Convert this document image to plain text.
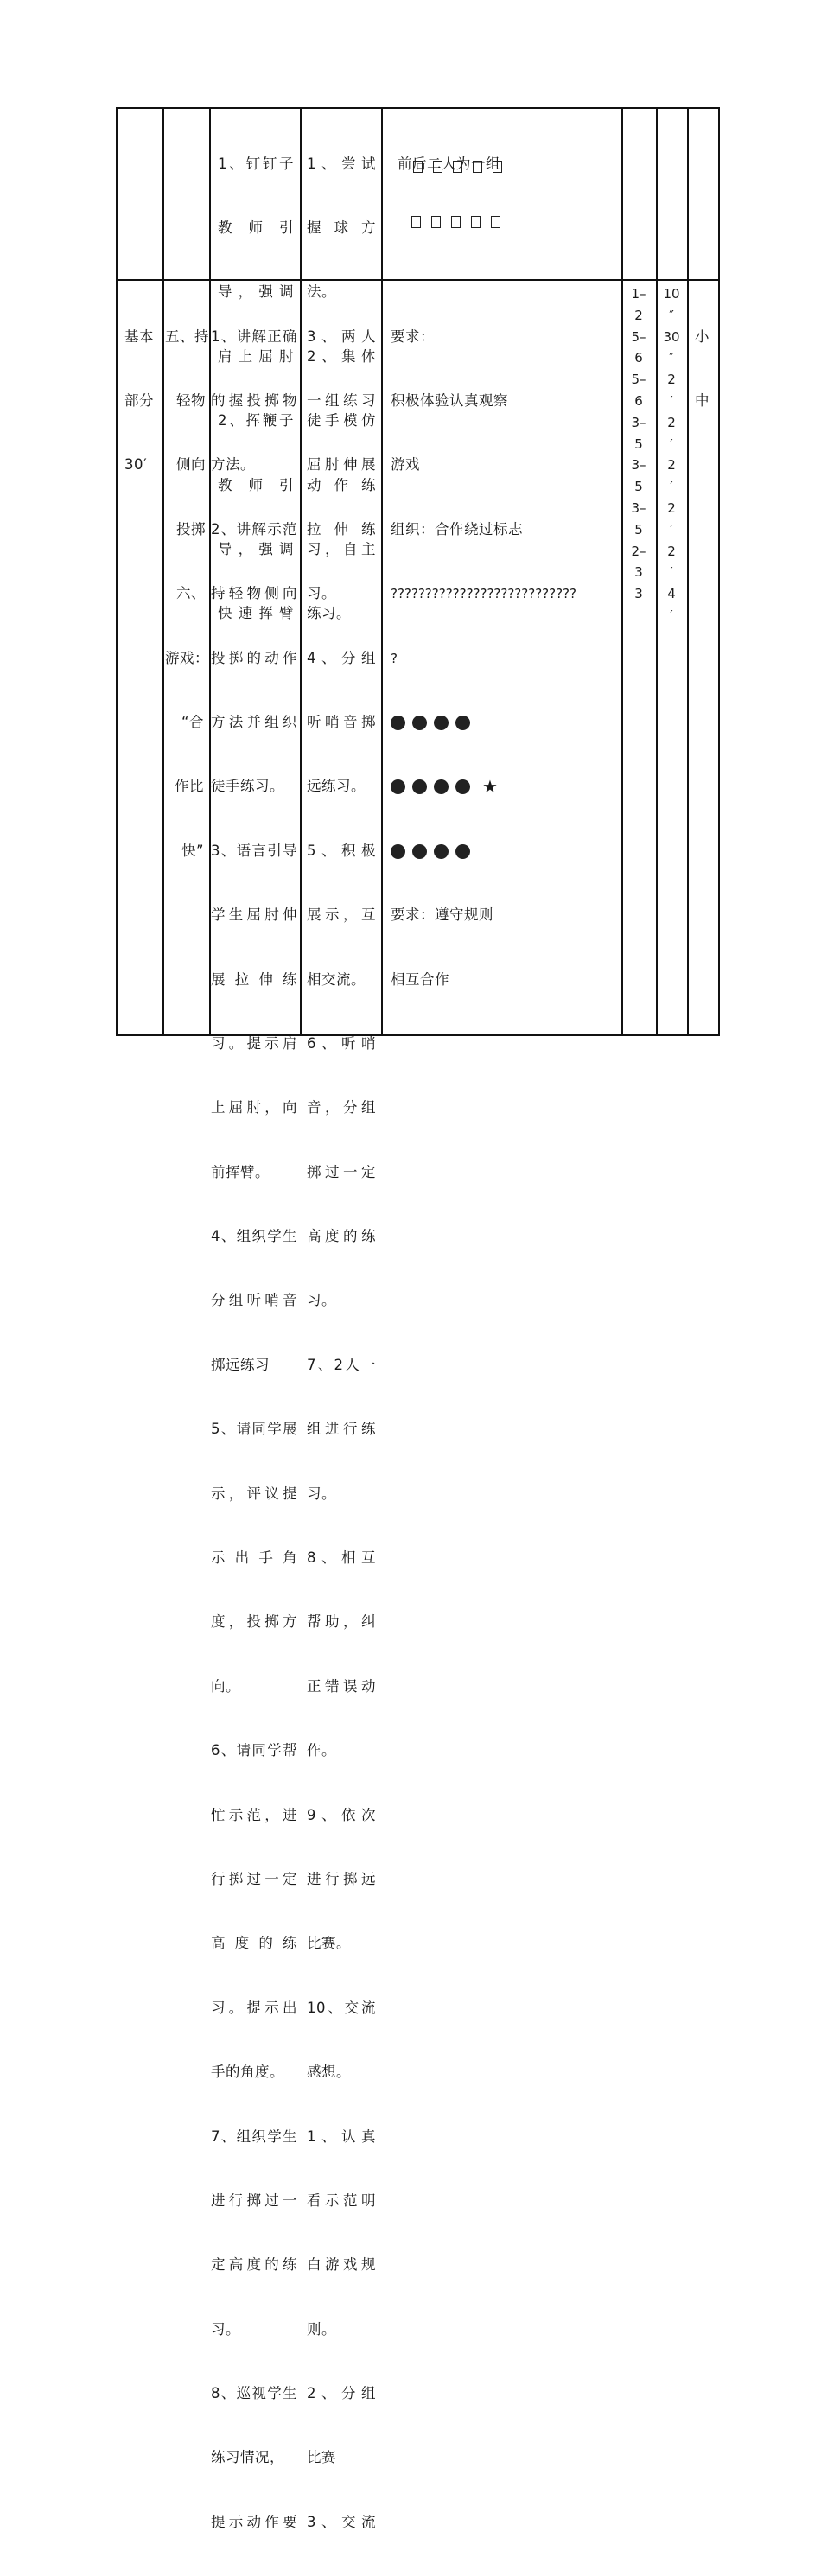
1、钉钉子

教 师 引

导，强调

肩上屈肘

2、挥鞭子

教 师 引

导，强调

快速挥臂

1、尝试

握 球 方

法。

2、集体

徒手模仿

动 作 练

习，自主

练习。

前后二人为一组

基本

部分

30′

五、持

轻物

侧向

投掷

六、

游戏：

“合

作比

快”

1、讲解正确

的握投掷物

方法。

2、讲解示范

持轻物侧向

投掷的动作

方法并组织

徒手练习。

3、语言引导

学生屈肘伸

展 拉 伸 练

习。提示肩

上屈肘，向

前挥臂。

4、组织学生

分组听哨音

掷远练习

5、请同学展

示，评议提

示 出 手 角

度，投掷方

向。

6、请同学帮

忙示范，进

行掷过一定

高 度 的 练

习。提示出

手的角度。

7、组织学生

进行掷过一

定高度的练

习。

8、巡视学生

练习情况，

提示动作要

3、两人

一组练习

屈肘伸展

拉 伸 练

习。

4、分组

听哨音掷

远练习。

5、积极

展示，互

相交流。

6、听哨

音，分组

掷过一定

高度的练

习。

7、2人一

组进行练

习。

8、相互

帮助，纠

正错误动

作。

9、依次

进行掷远

比赛。

10、交流

感想。

1、认真

看示范明

白游戏规

则。

2、分组

比赛

3、交流

要求：

积极体验认真观察

游戏

组织：合作绕过标志

???????????????????????????

?

★

要求：遵守规则

相互合作

1–
2
5–
6
5–
6
3–
5
3–
5
3–
5
2–
3
3
10
″
30
″
2
′
2
′
2
′
2
′
2
′
4
′

小

中
